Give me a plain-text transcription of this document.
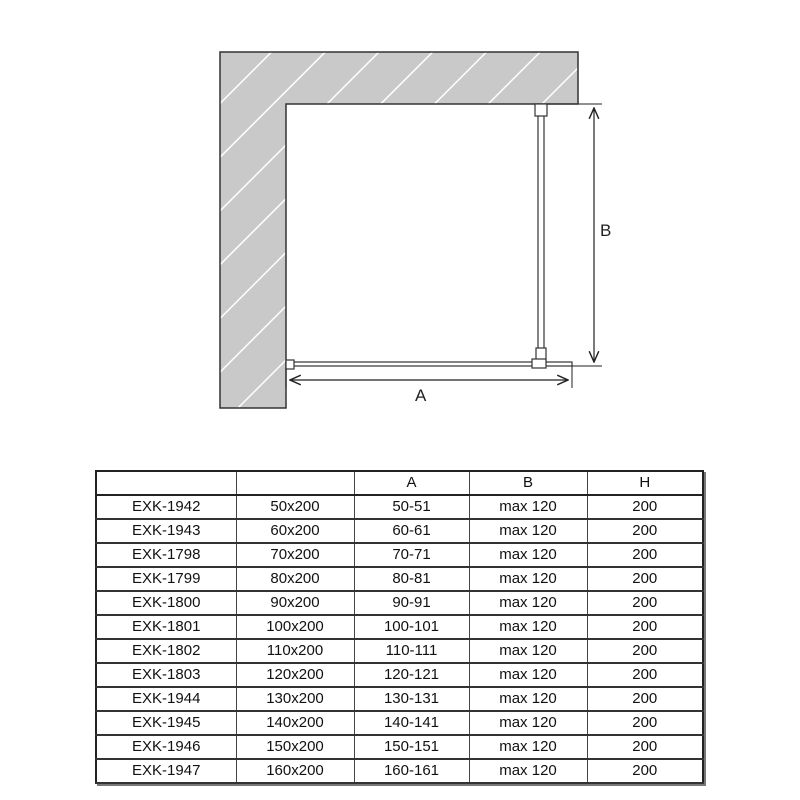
B
A
		A	B	H
EXK-1942	50x200	50-51	max 120	200
EXK-1943	60x200	60-61	max 120	200
EXK-1798	70x200	70-71	max 120	200
EXK-1799	80x200	80-81	max 120	200
EXK-1800	90x200	90-91	max 120	200
EXK-1801	100x200	100-101	max 120	200
EXK-1802	110x200	110-111	max 120	200
EXK-1803	120x200	120-121	max 120	200
EXK-1944	130x200	130-131	max 120	200
EXK-1945	140x200	140-141	max 120	200
EXK-1946	150x200	150-151	max 120	200
EXK-1947	160x200	160-161	max 120	200
